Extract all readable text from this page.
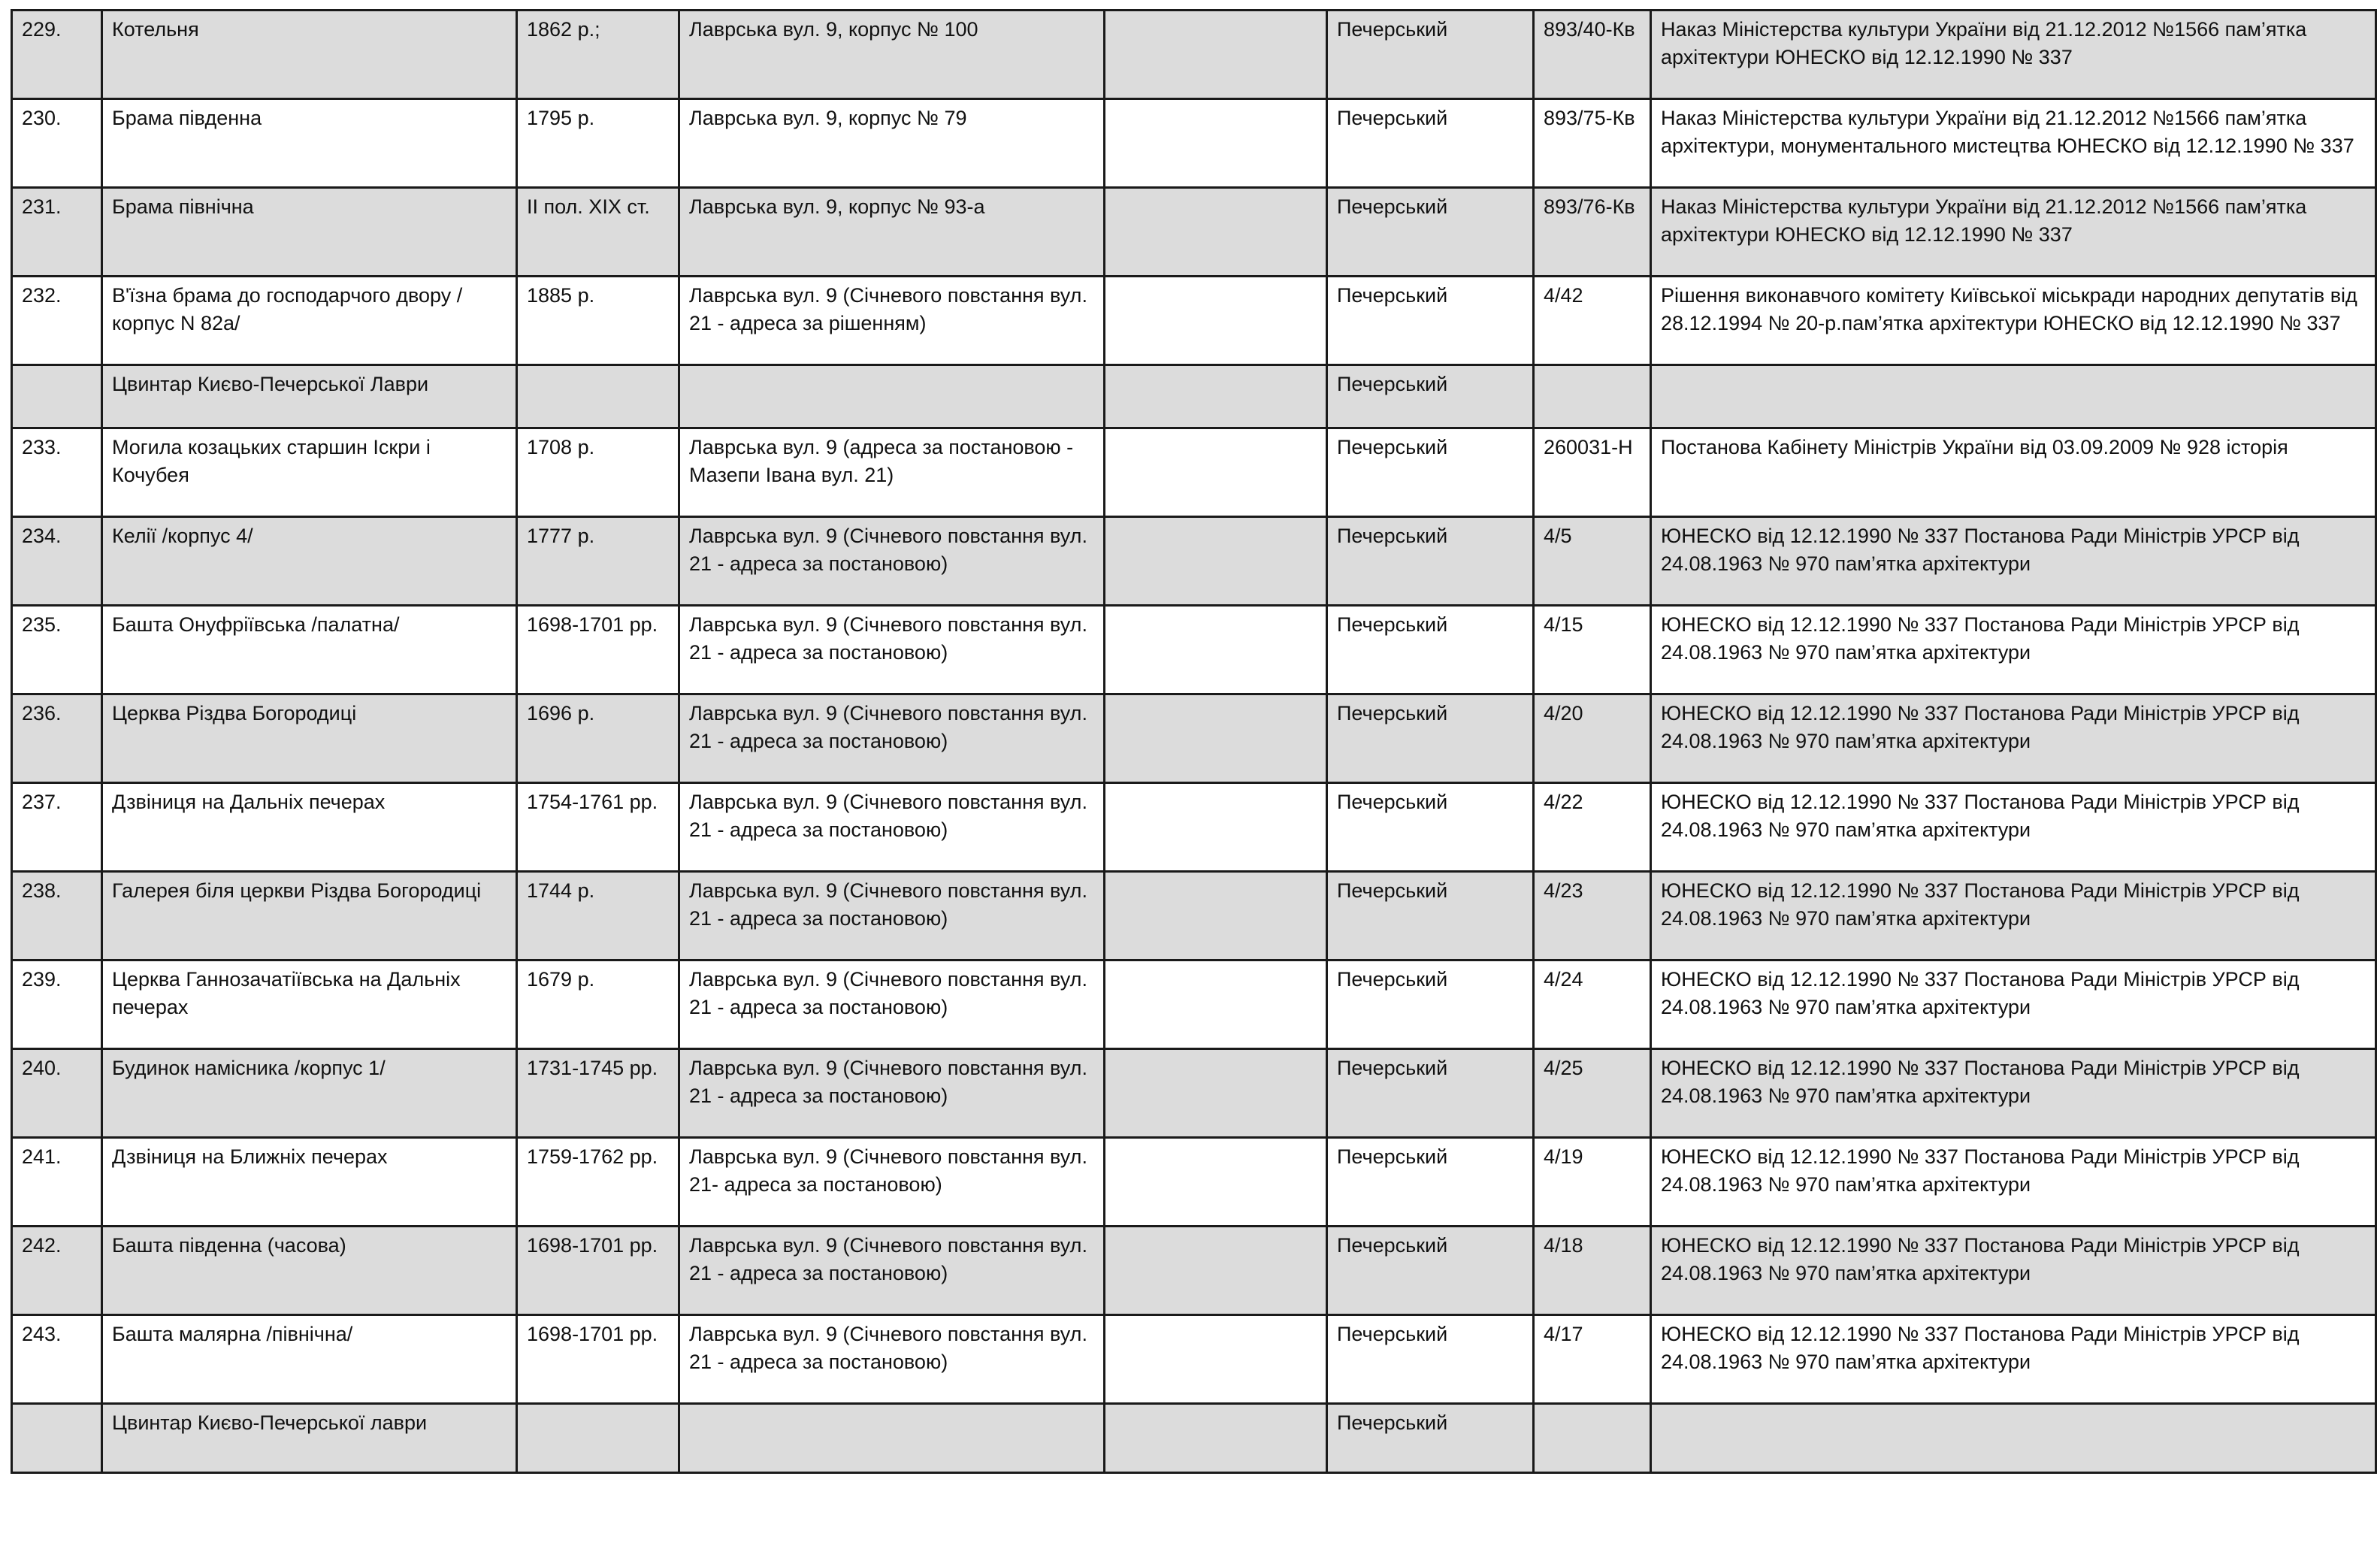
229.	Котельня	1862 р.;	Лаврська вул. 9, корпус № 100		Печерський	893/40-Кв	Наказ Міністерства культури України від 21.12.2012 №1566 пам’ятка архітектури ЮНЕСКО від 12.12.1990 № 337
230.	Брама південна	1795 р.	Лаврська вул. 9, корпус № 79		Печерський	893/75-Кв	Наказ Міністерства культури України від 21.12.2012 №1566 пам’ятка архітектури, монументального мистецтва ЮНЕСКО від 12.12.1990 № 337
231.	Брама північна	ІІ пол. ХІХ ст.	Лаврська вул. 9, корпус № 93-а		Печерський	893/76-Кв	Наказ Міністерства культури України від 21.12.2012 №1566 пам’ятка архітектури ЮНЕСКО від 12.12.1990 № 337
232.	В'їзна брама до господарчого двору /корпус N 82а/	1885 р.	Лаврська вул. 9 (Січневого повстання вул. 21 - адреса за рішенням)		Печерський	4/42	Рішення виконавчого комітету Київської міськради народних депутатів від 28.12.1994 № 20-р.пам’ятка архітектури ЮНЕСКО від 12.12.1990 № 337
	Цвинтар Києво-Печерської Лаври				Печерський		
233.	Могила козацьких старшин Іскри і Кочубея	1708 р.	Лаврська вул. 9 (адреса за постановою - Мазепи Івана вул. 21)		Печерський	260031-Н	Постанова Кабінету Міністрів України від 03.09.2009 № 928 історія
234.	Келії /корпус 4/	1777 р.	Лаврська вул. 9 (Січневого повстання вул. 21 - адреса за постановою)		Печерський	4/5	ЮНЕСКО від 12.12.1990 № 337 Постанова Ради Міністрів УРСР від 24.08.1963 № 970 пам’ятка архітектури
235.	Башта Онуфріївська /палатна/	1698-1701 рр.	Лаврська вул. 9 (Січневого повстання вул. 21 - адреса за постановою)		Печерський	4/15	ЮНЕСКО від 12.12.1990 № 337 Постанова Ради Міністрів УРСР від 24.08.1963 № 970 пам’ятка архітектури
236.	Церква Різдва Богородиці	1696 р.	Лаврська вул. 9 (Січневого повстання вул. 21 - адреса за постановою)		Печерський	4/20	ЮНЕСКО від 12.12.1990 № 337 Постанова Ради Міністрів УРСР від 24.08.1963 № 970 пам’ятка архітектури
237.	Дзвіниця на Дальніх печерах	1754-1761 рр.	Лаврська вул. 9 (Січневого повстання вул. 21 - адреса за постановою)		Печерський	4/22	ЮНЕСКО від 12.12.1990 № 337 Постанова Ради Міністрів УРСР від 24.08.1963 № 970 пам’ятка архітектури
238.	Галерея біля церкви Різдва Богородиці	1744 р.	Лаврська вул. 9 (Січневого повстання вул. 21 - адреса за постановою)		Печерський	4/23	ЮНЕСКО від 12.12.1990 № 337 Постанова Ради Міністрів УРСР від 24.08.1963 № 970 пам’ятка архітектури
239.	Церква Ганнозачатіївська на Дальніх печерах	1679 р.	Лаврська вул. 9 (Січневого повстання вул. 21 - адреса за постановою)		Печерський	4/24	ЮНЕСКО від 12.12.1990 № 337 Постанова Ради Міністрів УРСР від 24.08.1963 № 970 пам’ятка архітектури
240.	Будинок намісника /корпус 1/	1731-1745 рр.	Лаврська вул. 9 (Січневого повстання вул. 21 - адреса за постановою)		Печерський	4/25	ЮНЕСКО від 12.12.1990 № 337 Постанова Ради Міністрів УРСР від 24.08.1963 № 970 пам’ятка архітектури
241.	Дзвіниця на Ближніх печерах	1759-1762 рр.	Лаврська вул. 9 (Січневого повстання вул. 21- адреса за постановою)		Печерський	4/19	ЮНЕСКО від 12.12.1990 № 337 Постанова Ради Міністрів УРСР від 24.08.1963 № 970 пам’ятка архітектури
242.	Башта південна (часова)	1698-1701 рр.	Лаврська вул. 9 (Січневого повстання вул. 21 - адреса за постановою)		Печерський	4/18	ЮНЕСКО від 12.12.1990 № 337 Постанова Ради Міністрів УРСР від 24.08.1963 № 970 пам’ятка архітектури
243.	Башта малярна /північна/	1698-1701 рр.	Лаврська вул. 9 (Січневого повстання вул. 21 - адреса за постановою)		Печерський	4/17	ЮНЕСКО від 12.12.1990 № 337 Постанова Ради Міністрів УРСР від 24.08.1963 № 970 пам’ятка архітектури
	Цвинтар Києво-Печерської лаври				Печерський		
